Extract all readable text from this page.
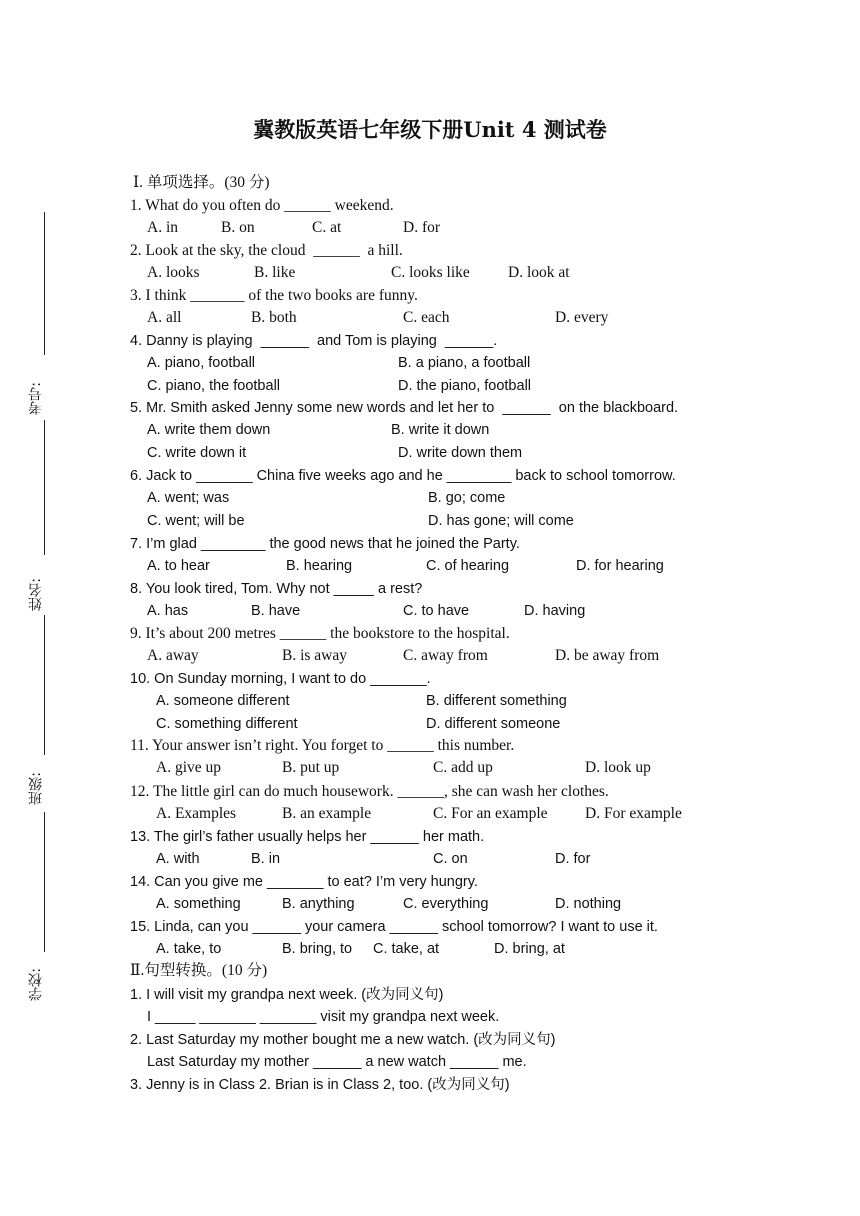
冀教版英语七年级下册Unit 4 测试卷
考号:
姓名:
班级:
学校:
Ⅰ. 单项选择。(30 分)
1. What do you often do ______ weekend.
A. in	B. on	C. at	D. for
2. Look at the sky, the cloud  ______  a hill.
A. looks	B. like	C. looks like D. look at
3. I think _______ of the two books are funny.
A. all	B. both	C. each	D. every
4. Danny is playing  ______  and Tom is playing  ______.
A. piano, football	B. a piano, a football
C. piano, the football	D. the piano, football
5. Mr. Smith asked Jenny some new words and let her to  ______  on the blackboard.
A. write them down	B. write it down
C. write down it	D. write down them
6. Jack to _______ China five weeks ago and he ________ back to school tomorrow.
A. went; was	B. go; come
C. went; will be	D. has gone; will come
7. I’m glad ________ the good news that he joined the Party.
A. to hear	B. hearing	C. of hearing	D. for hearing
8. You look tired, Tom. Why not _____ a rest?
A. has	B. have	C. to have	D. having
9. It’s about 200 metres ______ the bookstore to the hospital.
A. away	B. is away	C. away from	D. be away from
10. On Sunday morning, I want to do _______.
A. someone different	B. different something
C. something different	D. different someone
11. Your answer isn’t right. You forget to ______ this number.
A. give up	B. put up	C. add up	D. look up
12. The little girl can do much housework. ______, she can wash her clothes.
A. Examples	B. an example	C. For an example D. For example
13. The girl’s father usually helps her ______ her math.
A. with	B. in	C. on	D. for
14. Can you give me _______ to eat? I’m very hungry.
A. something	B. anything	C. everything	D. nothing
15. Linda, can you ______ your camera ______ school tomorrow? I want to use it.
A. take, to	B. bring, to C. take, at	D. bring, at
Ⅱ.句型转换。(10 分)
1. I will visit my grandpa next week. (改为同义句)
I _____ _______ _______ visit my grandpa next week.
2. Last Saturday my mother bought me a new watch. (改为同义句)
Last Saturday my mother ______ a new watch ______ me.
3. Jenny is in Class 2. Brian is in Class 2, too. (改为同义句)
